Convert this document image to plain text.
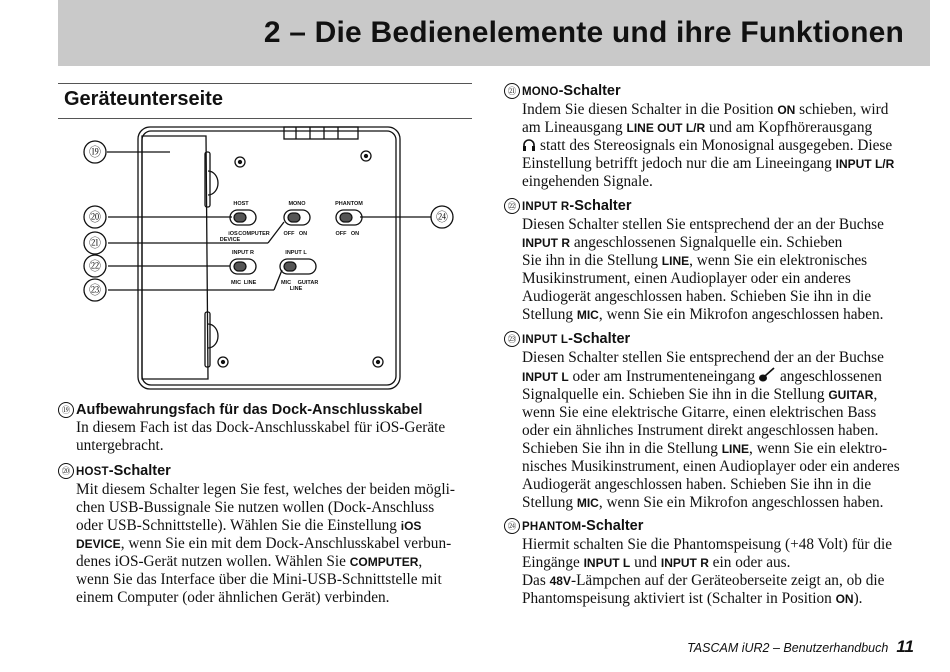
2 – Die Bedienelemente und ihre Funktionen
Geräteunterseite
⑲
⑳
㉑
㉒
㉓
㉔
HOST
iOS
DEVICE
COMPUTER
MONO
OFF ON
PHANTOM
OFF ON
INPUT R
MIC LINE
INPUT L
MIC GUITAR
LINE
⑲ Aufbewahrungsfach für das Dock-Anschlusskabel
In diesem Fach ist das Dock-Anschlusskabel für iOS-Geräte
untergebracht.
⑳ HOST-Schalter
Mit diesem Schalter legen Sie fest, welches der beiden mögli-
chen USB-Bussignale Sie nutzen wollen (Dock-Anschluss
oder USB-Schnittstelle). Wählen Sie die Einstellung iOS
DEVICE, wenn Sie ein mit dem Dock-Anschlusskabel verbun-
denes iOS-Gerät nutzen wollen. Wählen Sie COMPUTER,
wenn Sie das Interface über die Mini-USB-Schnittstelle mit
einem Computer (oder ähnlichen Gerät) verbinden.
㉑ MONO-Schalter
Indem Sie diesen Schalter in die Position ON schieben, wird
am Lineausgang LINE OUT L/R und am Kopfhörerausgang
statt des Stereosignals ein Monosignal ausgegeben. Diese
Einstellung betrifft jedoch nur die am Lineeingang INPUT L/R
eingehenden Signale.
㉒ INPUT R-Schalter
Diesen Schalter stellen Sie entsprechend der an der Buchse
INPUT R angeschlossenen Signalquelle ein. Schieben
Sie ihn in die Stellung LINE, wenn Sie ein elektronisches
Musikinstrument, einen Audioplayer oder ein anderes
Audiogerät angeschlossen haben. Schieben Sie ihn in die
Stellung MIC, wenn Sie ein Mikrofon angeschlossen haben.
㉓ INPUT L-Schalter
Diesen Schalter stellen Sie entsprechend der an der Buchse
INPUT L oder am Instrumenteneingang angeschlossenen
Signalquelle ein. Schieben Sie ihn in die Stellung GUITAR,
wenn Sie eine elektrische Gitarre, einen elektrischen Bass
oder ein ähnliches Instrument direkt angeschlossen haben.
Schieben Sie ihn in die Stellung LINE, wenn Sie ein elektro-
nisches Musikinstrument, einen Audioplayer oder ein anderes
Audiogerät angeschlossen haben. Schieben Sie ihn in die
Stellung MIC, wenn Sie ein Mikrofon angeschlossen haben.
㉔ PHANTOM-Schalter
Hiermit schalten Sie die Phantomspeisung (+48 Volt) für die
Eingänge INPUT L und INPUT R ein oder aus.
Das 48V-Lämpchen auf der Geräteoberseite zeigt an, ob die
Phantomspeisung aktiviert ist (Schalter in Position ON).
TASCAM iUR2 – Benutzerhandbuch 11
